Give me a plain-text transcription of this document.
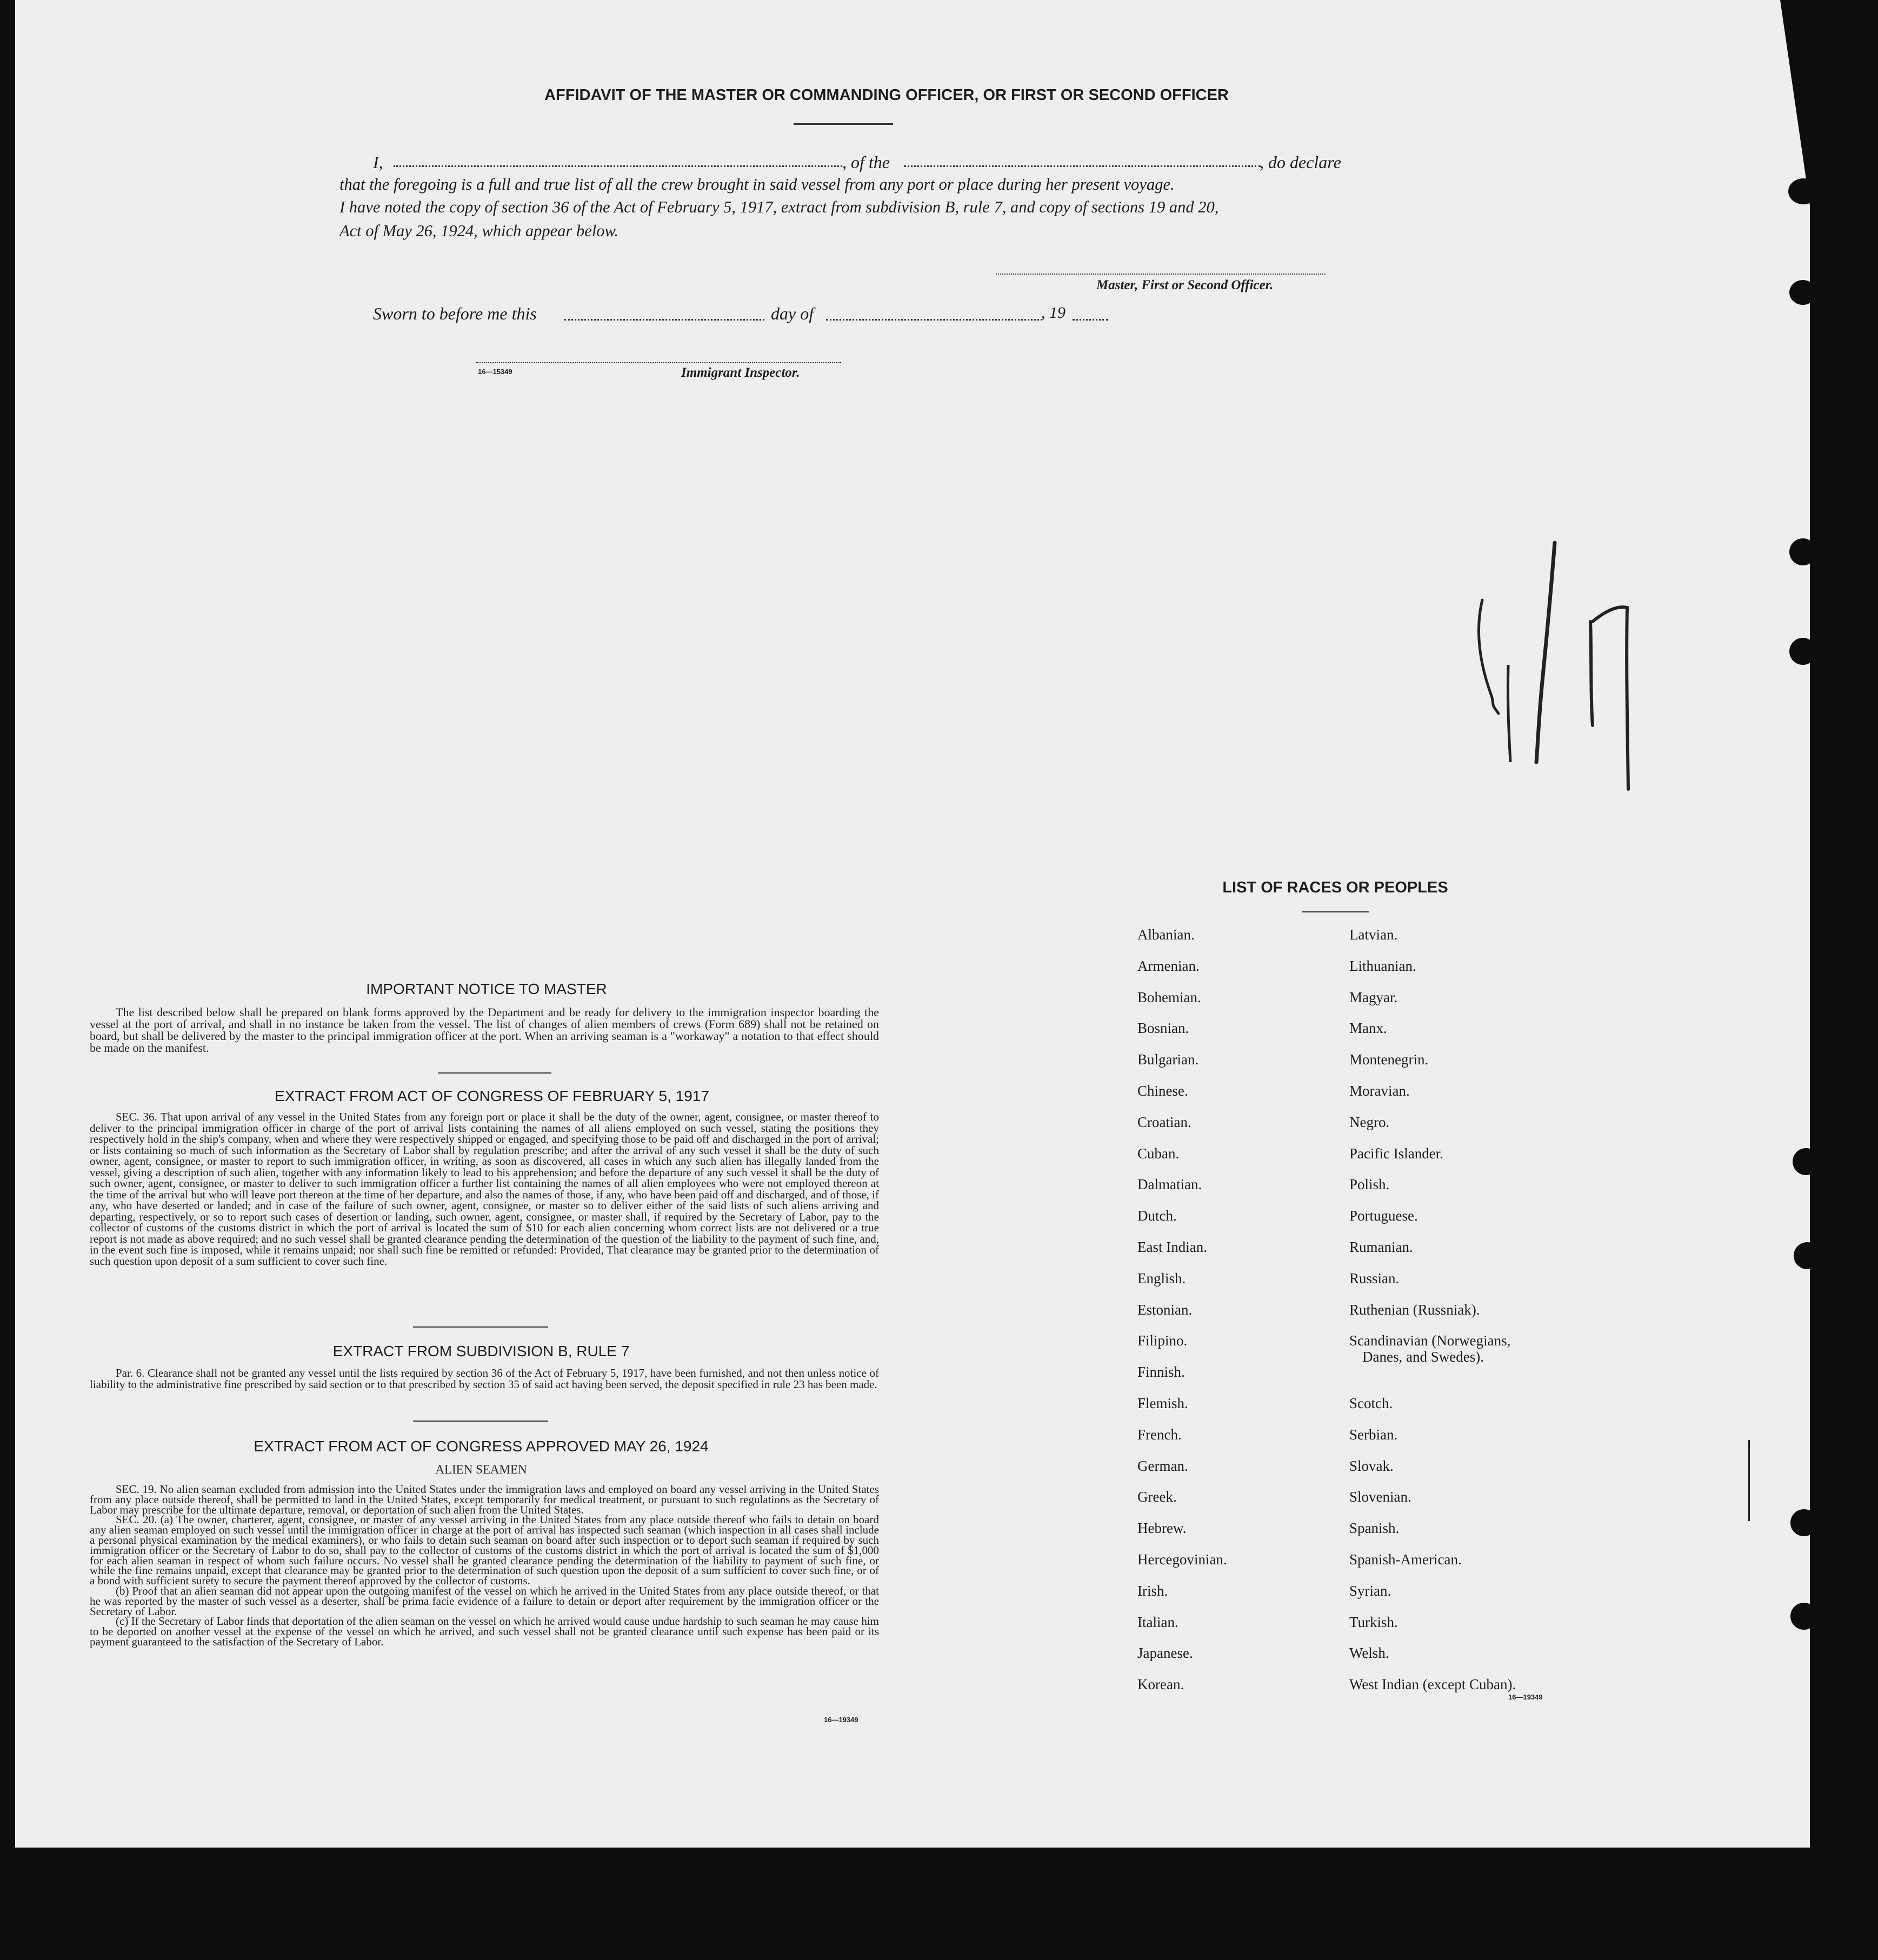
AFFIDAVIT OF THE MASTER OR COMMANDING OFFICER, OR FIRST OR SECOND OFFICER
I,	, of the	, do declare
that the foregoing is a full and true list of all the crew brought in said vessel from any port or place during her present voyage.
I have noted the copy of section 36 of the Act of February 5, 1917, extract from subdivision B, rule 7, and copy of sections 19 and 20,
Act of May 26, 1924, which appear below.
Master, First or Second Officer.
Sworn to before me this	day of	, 19
16—15349	Immigrant Inspector.
IMPORTANT NOTICE TO MASTER

The list described below shall be prepared on blank forms approved by the Department and be ready for delivery to the immigration inspector boarding the vessel at the port of arrival, and shall in no instance be taken from the vessel. The list of changes of alien members of crews (Form 689) shall not be retained on board, but shall be delivered by the master to the principal immigration officer at the port. When an arriving seaman is a "workaway" a notation to that effect should be made on the manifest.

EXTRACT FROM ACT OF CONGRESS OF FEBRUARY 5, 1917

SEC. 36. That upon arrival of any vessel in the United States from any foreign port or place it shall be the duty of the owner, agent, consignee, or master thereof to deliver to the principal immigration officer in charge of the port of arrival lists containing the names of all aliens employed on such vessel, stating the positions they respectively hold in the ship's company, when and where they were respectively shipped or engaged, and specifying those to be paid off and discharged in the port of arrival; or lists containing so much of such information as the Secretary of Labor shall by regulation prescribe; and after the arrival of any such vessel it shall be the duty of such owner, agent, consignee, or master to report to such immigration officer, in writing, as soon as discovered, all cases in which any such alien has illegally landed from the vessel, giving a description of such alien, together with any information likely to lead to his apprehension; and before the departure of any such vessel it shall be the duty of such owner, agent, consignee, or master to deliver to such immigration officer a further list containing the names of all alien employees who were not employed thereon at the time of the arrival but who will leave port thereon at the time of her departure, and also the names of those, if any, who have been paid off and discharged, and of those, if any, who have deserted or landed; and in case of the failure of such owner, agent, consignee, or master so to deliver either of the said lists of such aliens arriving and departing, respectively, or so to report such cases of desertion or landing, such owner, agent, consignee, or master shall, if required by the Secretary of Labor, pay to the collector of customs of the customs district in which the port of arrival is located the sum of $10 for each alien concerning whom correct lists are not delivered or a true report is not made as above required; and no such vessel shall be granted clearance pending the determination of the question of the liability to the payment of such fine, and, in the event such fine is imposed, while it remains unpaid; nor shall such fine be remitted or refunded: Provided, That clearance may be granted prior to the determination of such question upon deposit of a sum sufficient to cover such fine.

EXTRACT FROM SUBDIVISION B, RULE 7

Par. 6. Clearance shall not be granted any vessel until the lists required by section 36 of the Act of February 5, 1917, have been furnished, and not then unless notice of liability to the administrative fine prescribed by said section or to that prescribed by section 35 of said act having been served, the deposit specified in rule 23 has been made.

EXTRACT FROM ACT OF CONGRESS APPROVED MAY 26, 1924
ALIEN SEAMEN

SEC. 19. No alien seaman excluded from admission into the United States under the immigration laws and employed on board any vessel arriving in the United States from any place outside thereof, shall be permitted to land in the United States, except temporarily for medical treatment, or pursuant to such regulations as the Secretary of Labor may prescribe for the ultimate departure, removal, or deportation of such alien from the United States.

SEC. 20. (a) The owner, charterer, agent, consignee, or master of any vessel arriving in the United States from any place outside thereof who fails to detain on board any alien seaman employed on such vessel until the immigration officer in charge at the port of arrival has inspected such seaman (which inspection in all cases shall include a personal physical examination by the medical examiners), or who fails to detain such seaman on board after such inspection or to deport such seaman if required by such immigration officer or the Secretary of Labor to do so, shall pay to the collector of customs of the customs district in which the port of arrival is located the sum of $1,000 for each alien seaman in respect of whom such failure occurs. No vessel shall be granted clearance pending the determination of the liability to payment of such fine, or while the fine remains unpaid, except that clearance may be granted prior to the determination of such question upon the deposit of a sum sufficient to cover such fine, or of a bond with sufficient surety to secure the payment thereof approved by the collector of customs.

(b) Proof that an alien seaman did not appear upon the outgoing manifest of the vessel on which he arrived in the United States from any place outside thereof, or that he was reported by the master of such vessel as a deserter, shall be prima facie evidence of a failure to detain or deport after requirement by the immigration officer or the Secretary of Labor.

(c) If the Secretary of Labor finds that deportation of the alien seaman on the vessel on which he arrived would cause undue hardship to such seaman he may cause him to be deported on another vessel at the expense of the vessel on which he arrived, and such vessel shall not be granted clearance until such expense has been paid or its payment guaranteed to the satisfaction of the Secretary of Labor.

16—19349
LIST OF RACES OR PEOPLES
Albanian.
Armenian.
Bohemian.
Bosnian.
Bulgarian.
Chinese.
Croatian.
Cuban.
Dalmatian.
Dutch.
East Indian.
English.
Estonian.
Filipino.
Finnish.
Flemish.
French.
German.
Greek.
Hebrew.
Hercegovinian.
Irish.
Italian.
Japanese.
Korean.
Latvian.
Lithuanian.
Magyar.
Manx.
Montenegrin.
Moravian.
Negro.
Pacific Islander.
Polish.
Portuguese.
Rumanian.
Russian.
Ruthenian (Russniak).
Scandinavian (Norwegians,
Danes, and Swedes).
Scotch.
Serbian.
Slovak.
Slovenian.
Spanish.
Spanish-American.
Syrian.
Turkish.
Welsh.
West Indian (except Cuban).
16—19349
